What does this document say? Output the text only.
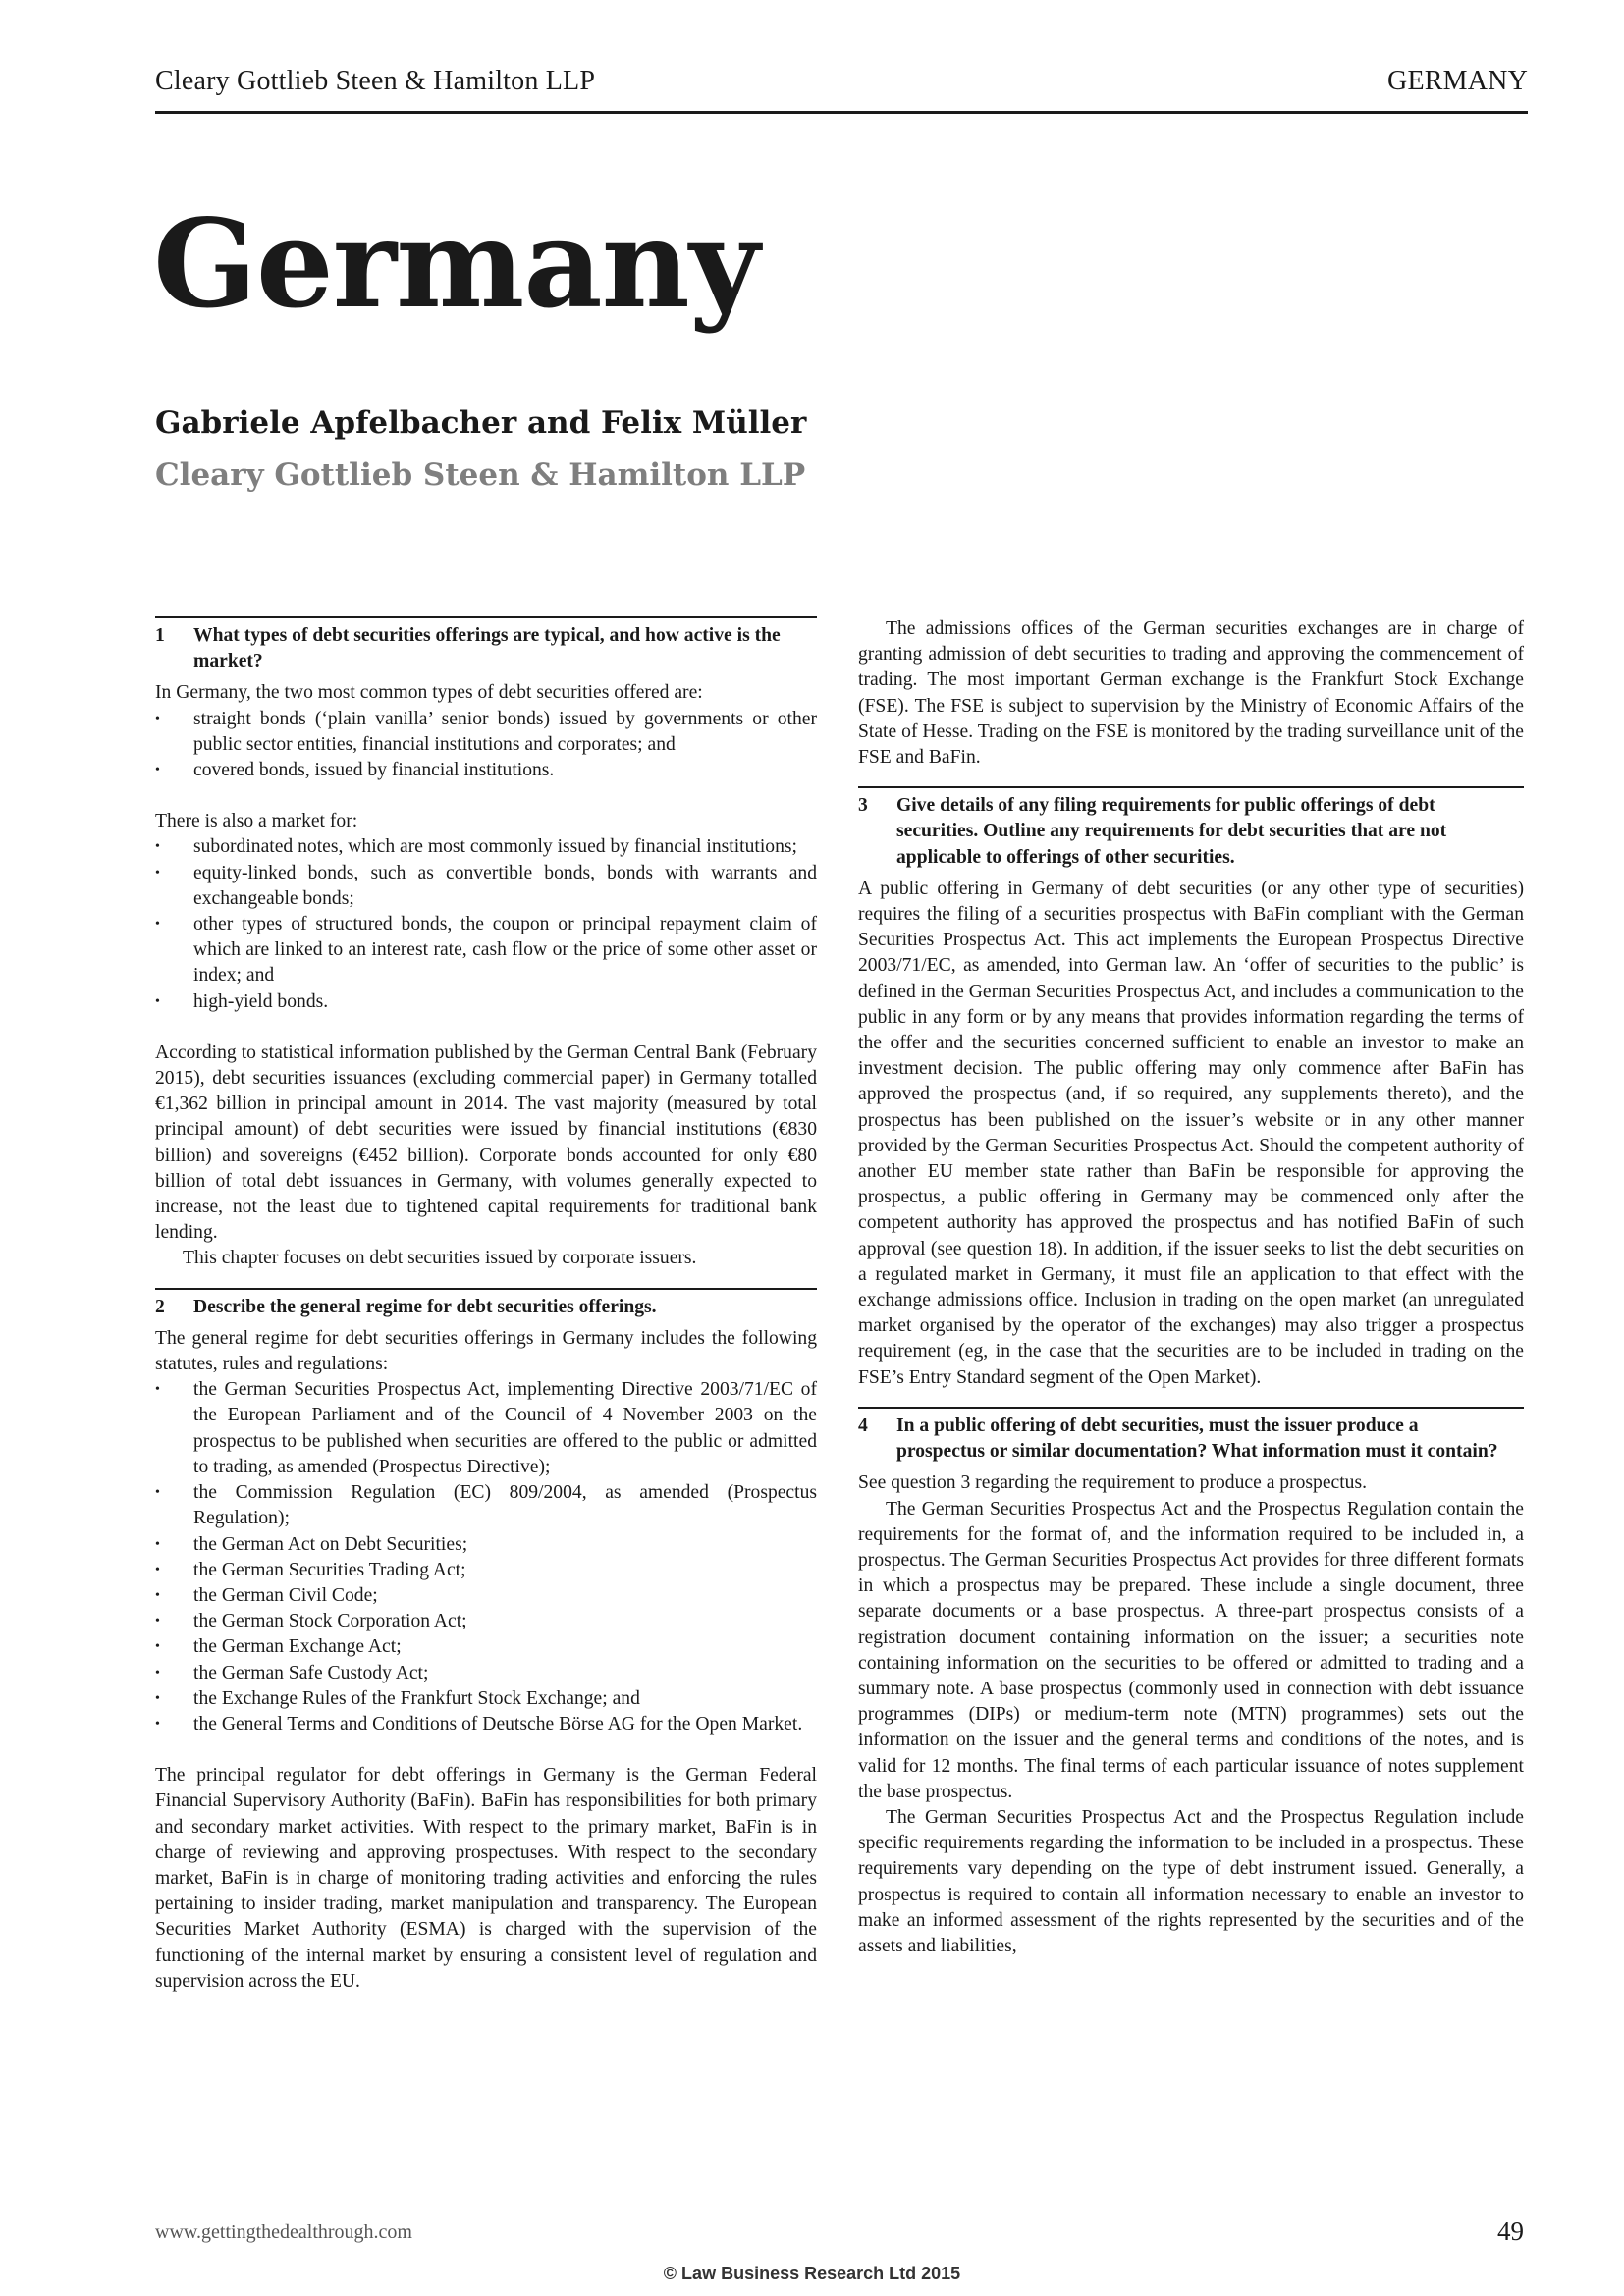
Cleary Gottlieb Steen & Hamilton LLP	GERMANY
Germany
Gabriele Apfelbacher and Felix Müller
Cleary Gottlieb Steen & Hamilton LLP
1	What types of debt securities offerings are typical, and how active is the market?

In Germany, the two most common types of debt securities offered are:

• straight bonds (‘plain vanilla’ senior bonds) issued by governments or other public sector entities, financial institutions and corporates; and
• covered bonds, issued by financial institutions.

There is also a market for:

• subordinated notes, which are most commonly issued by financial institutions;
• equity-linked bonds, such as convertible bonds, bonds with warrants and exchangeable bonds;
• other types of structured bonds, the coupon or principal repayment claim of which are linked to an interest rate, cash flow or the price of some other asset or index; and
• high-yield bonds.

According to statistical information published by the German Central Bank (February 2015), debt securities issuances (excluding commercial paper) in Germany totalled €1,362 billion in principal amount in 2014. The vast majority (measured by total principal amount) of debt securities were issued by financial institutions (€830 billion) and sovereigns (€452 billion). Corporate bonds accounted for only €80 billion of total debt issuances in Germany, with volumes generally expected to increase, not the least due to tightened capital requirements for traditional bank lending.

This chapter focuses on debt securities issued by corporate issuers.

2	Describe the general regime for debt securities offerings.

The general regime for debt securities offerings in Germany includes the following statutes, rules and regulations:

• the German Securities Prospectus Act, implementing Directive 2003/71/EC of the European Parliament and of the Council of 4 November 2003 on the prospectus to be published when securities are offered to the public or admitted to trading, as amended (Prospectus Directive);
• the Commission Regulation (EC) 809/2004, as amended (Prospectus Regulation);
• the German Act on Debt Securities;
• the German Securities Trading Act;
• the German Civil Code;
• the German Stock Corporation Act;
• the German Exchange Act;
• the German Safe Custody Act;
• the Exchange Rules of the Frankfurt Stock Exchange; and
• the General Terms and Conditions of Deutsche Börse AG for the Open Market.

The principal regulator for debt offerings in Germany is the German Federal Financial Supervisory Authority (BaFin). BaFin has responsibilities for both primary and secondary market activities. With respect to the primary market, BaFin is in charge of reviewing and approving prospectuses. With respect to the secondary market, BaFin is in charge of monitoring trading activities and enforcing the rules pertaining to insider trading, market manipulation and transparency. The European Securities Market Authority (ESMA) is charged with the supervision of the functioning of the internal market by ensuring a consistent level of regulation and supervision across the EU.

The admissions offices of the German securities exchanges are in charge of granting admission of debt securities to trading and approving the commencement of trading. The most important German exchange is the Frankfurt Stock Exchange (FSE). The FSE is subject to supervision by the Ministry of Economic Affairs of the State of Hesse. Trading on the FSE is monitored by the trading surveillance unit of the FSE and BaFin.

3	Give details of any filing requirements for public offerings of debt securities. Outline any requirements for debt securities that are not applicable to offerings of other securities.

A public offering in Germany of debt securities (or any other type of securities) requires the filing of a securities prospectus with BaFin compliant with the German Securities Prospectus Act. This act implements the European Prospectus Directive 2003/71/EC, as amended, into German law. An ‘offer of securities to the public’ is defined in the German Securities Prospectus Act, and includes a communication to the public in any form or by any means that provides information regarding the terms of the offer and the securities concerned sufficient to enable an investor to make an investment decision. The public offering may only commence after BaFin has approved the prospectus (and, if so required, any supplements thereto), and the prospectus has been published on the issuer’s website or in any other manner provided by the German Securities Prospectus Act. Should the competent authority of another EU member state rather than BaFin be responsible for approving the prospectus, a public offering in Germany may be commenced only after the competent authority has approved the prospectus and has notified BaFin of such approval (see question 18). In addition, if the issuer seeks to list the debt securities on a regulated market in Germany, it must file an application to that effect with the exchange admissions office. Inclusion in trading on the open market (an unregulated market organised by the operator of the exchanges) may also trigger a prospectus requirement (eg, in the case that the securities are to be included in trading on the FSE’s Entry Standard segment of the Open Market).

4	In a public offering of debt securities, must the issuer produce a prospectus or similar documentation? What information must it contain?

See question 3 regarding the requirement to produce a prospectus.

The German Securities Prospectus Act and the Prospectus Regulation contain the requirements for the format of, and the information required to be included in, a prospectus. The German Securities Prospectus Act provides for three different formats in which a prospectus may be prepared. These include a single document, three separate documents or a base prospectus. A three-part prospectus consists of a registration document containing information on the issuer; a securities note containing information on the securities to be offered or admitted to trading and a summary note. A base prospectus (commonly used in connection with debt issuance programmes (DIPs) or medium-term note (MTN) programmes) sets out the information on the issuer and the general terms and conditions of the notes, and is valid for 12 months. The final terms of each particular issuance of notes supplement the base prospectus.

The German Securities Prospectus Act and the Prospectus Regulation include specific requirements regarding the information to be included in a prospectus. These requirements vary depending on the type of debt instrument issued. Generally, a prospectus is required to contain all information necessary to enable an investor to make an informed assessment of the rights represented by the securities and of the assets and liabilities,

www.gettingthedealthrough.com	49
© Law Business Research Ltd 2015
